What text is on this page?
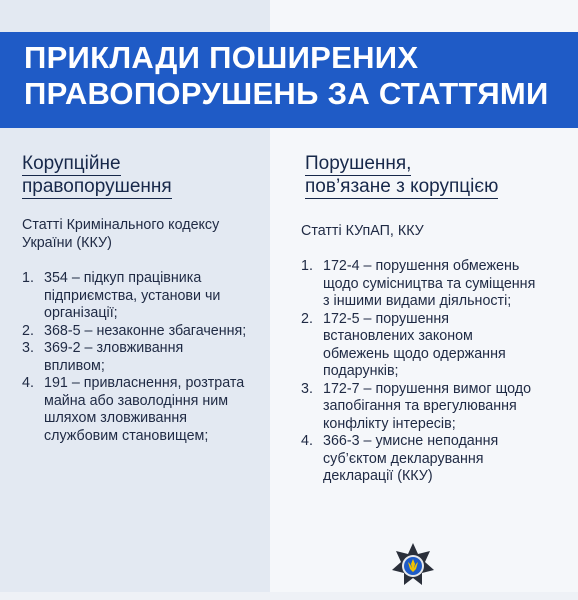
ПРИКЛАДИ ПОШИРЕНИХ
ПРАВОПОРУШЕНЬ ЗА СТАТТЯМИ
Корупційне
правопорушення
Статті Кримінального кодексу України (ККУ)
1. 354 – підкуп працівника підприємства, установи чи організації;
2. 368-5 – незаконне збагачення;
3. 369-2 – зловживання впливом;
4. 191 – привласнення, розтрата майна або заволодіння ним шляхом зловживання службовим становищем;
Порушення,
пов’язане з корупцією
Статті КУпАП, ККУ
1. 172-4 – порушення обмежень щодо сумісництва та суміщення з іншими видами діяльності;
2. 172-5 – порушення встановлених законом обмежень щодо одержання подарунків;
3. 172-7 – порушення вимог щодо запобігання та врегулювання конфлікту інтересів;
4. 366-3 – умисне неподання суб’єктом декларування декларації (ККУ)
